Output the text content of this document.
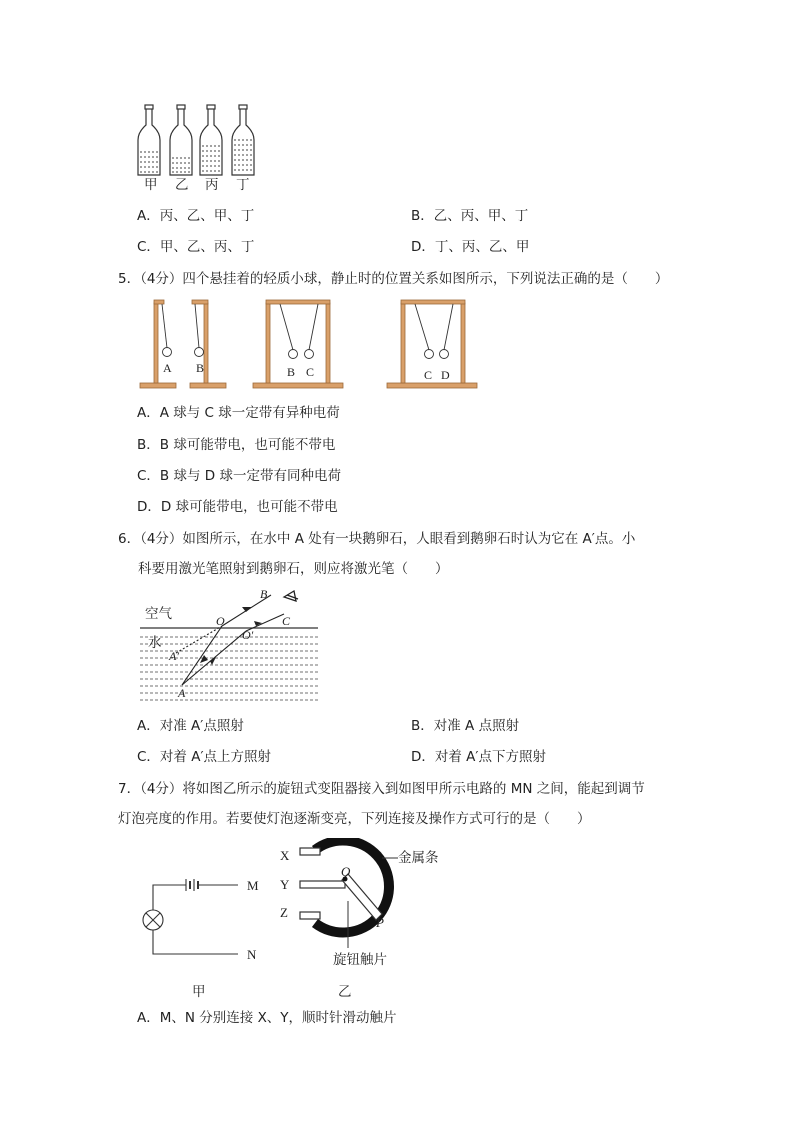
甲 乙 丙 丁
A．丙、乙、甲、丁	B．乙、丙、甲、丁
C．甲、乙、丙、丁	D．丁、丙、乙、甲
5．（4分）四个悬挂着的轻质小球，静止时的位置关系如图所示，下列说法正确的是（　　）
A B	B C	C D
A．A 球与 C 球一定带有异种电荷
B．B 球可能带电，也可能不带电
C．B 球与 D 球一定带有同种电荷
D．D 球可能带电，也可能不带电
6．（4分）如图所示，在水中 A 处有一块鹅卵石，人眼看到鹅卵石时认为它在 A′点。小
科要用激光笔照射到鹅卵石，则应将激光笔（　　）
空气
水
B
C
O
O′
A′
A
A．对准 A′点照射	B．对准 A 点照射
C．对着 A′点上方照射	D．对着 A′点下方照射
7．（4分）将如图乙所示的旋钮式变阻器接入到如图甲所示电路的 MN 之间，能起到调节
灯泡亮度的作用。若要使灯泡逐渐变亮，下列连接及操作方式可行的是（　　）
M
N
甲
X
Y
Z
O
P
金属条
旋钮触片
乙
A．M、N 分别连接 X、Y，顺时针滑动触片
